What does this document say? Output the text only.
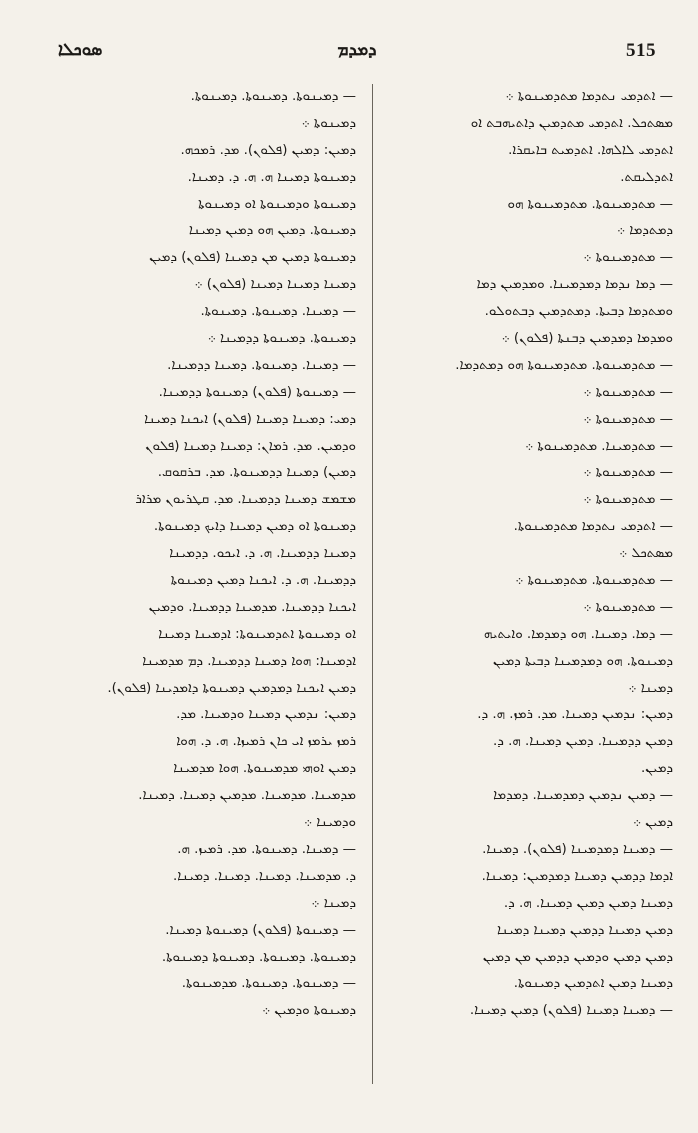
ܣܘܟܠܐ	ܕܡܕܡ	515
— ܐܬܕܡܝ ܢܬܕܡܐ ܡܬܕܡܝܢܘܬܐ ܀
ܡܣܬܟܠ. ܐܬܕܡܝ ܡܬܕܡܝܢ ܕܐܬܝܗܒܬ ܐܘ
ܐܬܕܡܝ ܠܐܠܗܐ. ܐܬܕܡܝܬ ܒܐܝܩܪܐ.
ܐܬܕܠܝܩܬ.
— ܡܬܕܡܝܢܘܬܐ. ܡܬܕܡܝܢܘܬܐ ܗܘ
ܕܡܬܕܡܐ ܀
— ܡܬܕܡܝܢܘܬܐ ܀
— ܕܡܐ ܢܕܡܐ ܕܡܕܡܝܢܐ. ܘܡܕܡܝܢ ܕܡܐ
ܘܡܬܕܡܐ ܕܒܝܬܐ. ܕܡܬܕܡܝܢ ܕܒܬܘܠܘ.
ܘܡܕܡܐ ܕܡܕܡܝܢ ܕܒܢܬܐ (ܦܠܘܢ) ܀
— ܡܬܕܡܝܢܘܬܐ. ܡܬܕܡܝܢܘܬܐ ܗܘ ܕܡܬܕܡܐ.
— ܡܬܕܡܝܢܘܬܐ ܀
— ܡܬܕܡܝܢܘܬܐ ܀
— ܡܬܕܡܝܢܐ. ܡܬܕܡܝܢܘܬܐ ܀
— ܡܬܕܡܝܢܘܬܐ ܀
— ܡܬܕܡܝܢܘܬܐ ܀
— ܐܬܕܡܝ ܢܬܕܡܐ ܡܬܕܡܝܢܘܬܐ.
ܡܣܬܟܠ ܀
— ܡܬܕܡܝܢܘܬܐ. ܡܬܕܡܝܢܘܬܐ ܀
— ܡܬܕܡܝܢܘܬܐ ܀
— ܕܡܐ. ܕܡܝܢܐ. ܗܘ ܕܡܕܡܐ. ܘܐܝܬܝܗ
ܕܡܝܢܘܬܐ. ܗܘ ܕܡܕܡܝܢܐ ܕܒܝܬܐ ܕܡܝܢ
ܕܡܝܢܐ ܀
ܕܡܝܢ: ܢܕܡܝܢ ܕܡܝܢܐ. ܡܕ. ܪܡܙ. ܗ. ܕ.
ܕܡܝܢ ܕܕܡܝܢܐ. ܕܡܝܢ ܕܡܝܢܐ. ܗ. ܕ.
ܕܡܝܢ.
— ܕܡܝܢ ܢܕܡܝܢ ܕܡܕܡܝܢܐ. ܕܡܕܡܐ
ܕܡܝܢ ܀
— ܕܡܝܢܐ ܕܡܕܡܝܢܐ (ܦܠܘܢ). ܕܡܝܢܐ.
ܐܕܡܐ ܕܕܡܝܢ ܕܡܝܢܐ ܕܡܕܡܝܢ: ܕܡܝܢܐ.
ܕܡܝܢܐ ܕܡܝܢ ܕܡܝܢ ܕܡܝܢܐ. ܗ. ܕ.
ܕܡܝܢ ܕܡܝܢܐ ܕܕܡܝܢ ܕܡܝܢܐ ܕܡܝܢܐ
ܕܡܝܢ ܕܡܝܢ ܘܕܡܝܢ ܕܕܡܝܢ ܡܢ ܕܡܝܢ
ܕܡܝܢܐ ܕܡܝܢ ܐܬܕܡܝܢ ܕܡܝܢܘܬܐ.
— ܕܡܝܢܐ ܕܡܝܢܐ (ܦܠܘܢ) ܕܡܝܢ ܕܡܝܢܐ.
— ܕܡܝܢܘܬܐ. ܕܡܝܢܘܬܐ. ܕܡܝܢܘܬܐ.
ܕܡܝܢܘܬܐ ܀
ܕܡܝܢ: ܕܡܝܢ (ܦܠܘܢ). ܡܕ. ܪܡܟܗ.
ܕܡܝܢܘܬܐ ܕܡܝܢܐ ܗ. ܗ. ܕ. ܕܡܝܢܐ.
ܕܡܝܢܘܬܐ ܘܕܡܝܢܘܬܐ ܐܘ ܕܡܝܢܘܬܐ
ܕܡܝܢܘܬܐ. ܕܡܝܢ ܗܘ ܕܡܝܢ ܕܡܝܢܐ
ܕܡܝܢܘܬܐ ܕܡܝܢ ܡܢ ܕܡܝܢܐ (ܦܠܘܢ) ܕܡܝܢ
ܕܡܝܢܐ ܕܡܝܢܐ ܕܡܝܢܐ (ܦܠܘܢ) ܀
— ܕܡܝܢܐ. ܕܡܝܢܘܬܐ. ܕܡܝܢܘܬܐ.
ܕܡܝܢܘܬܐ. ܕܡܝܢܘܬܐ ܕܕܡܝܢܐ ܀
— ܕܡܝܢܐ. ܕܡܝܢܘܬܐ. ܕܡܝܢܐ ܕܕܡܝܢܐ.
— ܕܡܝܢܘܬܐ (ܦܠܘܢ) ܕܡܝܢܘܬܐ ܕܕܡܝܢܐ.
ܕܡܝ: ܕܡܝܢܐ ܕܡܝܢܐ (ܦܠܘܢ) ܐܝܟܢܐ ܕܡܝܢܐ
ܘܕܡܝܢ. ܡܕ. ܪܡܐܢ: ܕܡܝܢܐ ܕܡܝܢܐ (ܦܠܘܢ
ܕܡܝܢ) ܕܡܝܢܐ ܕܕܡܝܢܘܬܐ. ܡܕ. ܒܪܩܘܩ.
ܡܫܡܫ ܕܡܝܢܐ ܕܕܡܝܢܐ. ܡܕ. ܩܛܪܝܘܢ ܡܪܐܪ
ܕܡܝܢܘܬܐ ܐܘ ܕܡܝܢ ܕܡܝܢܐ ܕܐܝܟ ܕܡܝܢܘܬܐ.
ܕܡܝܢܐ ܕܕܡܝܢܐ. ܗ. ܕ. ܐܝܟܘ. ܕܕܡܝܢܐ
ܕܕܡܝܢܐ. ܗ. ܕ. ܐܝܟܢܐ ܕܡܝܢ ܕܡܝܢܘܬܐ
ܐܝܟܢܐ ܕܕܡܝܢܐ. ܡܕܡܝܢܐ ܕܕܡܝܢܐ. ܘܕܡܝܢ
ܐܘ ܕܡܝܢܘܬܐ ܐܬܕܡܝܢܘܬܐ: ܐܕܡܝܢܐ ܕܡܝܢܐ
ܐܕܡܝܢܐ: ܗܘܐ ܕܡܝܢܐ ܕܕܡܝܢܐ. ܕܡ ܡܕܡܝܢܐ
ܕܡܝܢ ܐܝܟܢܐ ܕܡܕܡܝܢ ܕܡܝܢܘܬܐ ܕܐܡܕܝܢܐ (ܦܠܘܢ).
ܕܡܝܢ: ܢܕܡܝܢ ܕܡܝܢܐ ܘܕܡܝܢܐ. ܡܕ.
ܪܡܙ ܝܪܡܙ ܐܝ ܟܐܢ ܪܡܝܙܐ. ܗ. ܕ. ܗܘܐ
ܕܡܝܢ ܐܘܗܝ ܡܕܡܝܢܘܬܐ. ܗܘܐ ܡܕܡܝܢܐ
ܡܕܡܝܢܐ. ܡܕܡܝܢܐ. ܡܕܡܝܢ ܕܡܝܢܐ. ܕܡܝܢܐ.
ܘܕܡܝܢܐ ܀
— ܕܡܝܢܐ. ܕܡܝܢܘܬܐ. ܡܕ. ܪܡܝܙ. ܗ.
ܕ. ܡܕܡܝܢܐ. ܕܡܝܢܐ. ܕܡܝܢܐ. ܕܡܝܢܐ.
ܕܡܝܢܐ ܀
— ܕܡܝܢܘܬܐ (ܦܠܘܢ) ܕܡܝܢܘܬܐ ܕܡܝܢܐ.
ܕܡܝܢܘܬܐ. ܕܡܝܢܘܬܐ. ܕܡܝܢܘܬܐ ܕܡܝܢܘܬܐ.
— ܕܡܝܢܘܬܐ. ܕܡܝܢܘܬܐ. ܡܕܡܝܢܘܬܐ.
ܕܡܝܢܘܬܐ ܘܕܡܝܢ ܀
